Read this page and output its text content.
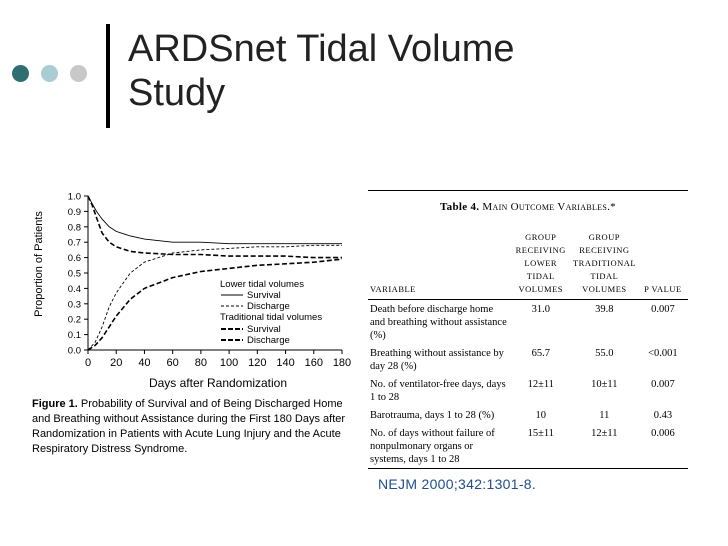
ARDSnet Tidal Volume
Study
0.0
0.1
0.2
0.3
0.4
0.5
0.6
0.7
0.8
0.9
1.0
0 20 40 60 80 100 120 140 160 180
Proportion of Patients
Days after Randomization
Lower tidal volumes
Survival
Discharge
Traditional tidal volumes
Survival
Discharge
Figure 1. Probability of Survival and of Being Discharged Home and Breathing without Assistance during the First 180 Days after Randomization in Patients with Acute Lung Injury and the Acute Respiratory Distress Syndrome.
Table 4. Main Outcome Variables.*
VARIABLE	GROUP RECEIVING LOWER TIDAL VOLUMES	GROUP RECEIVING TRADITIONAL TIDAL VOLUMES	P VALUE
Death before discharge home and breathing without assistance (%)	31.0	39.8	0.007
Breathing without assistance by day 28 (%)	65.7	55.0	<0.001
No. of ventilator-free days, days 1 to 28	12±11	10±11	0.007
Barotrauma, days 1 to 28 (%)	10	11	0.43
No. of days without failure of nonpulmonary organs or systems, days 1 to 28	15±11	12±11	0.006
NEJM 2000;342:1301-8.
